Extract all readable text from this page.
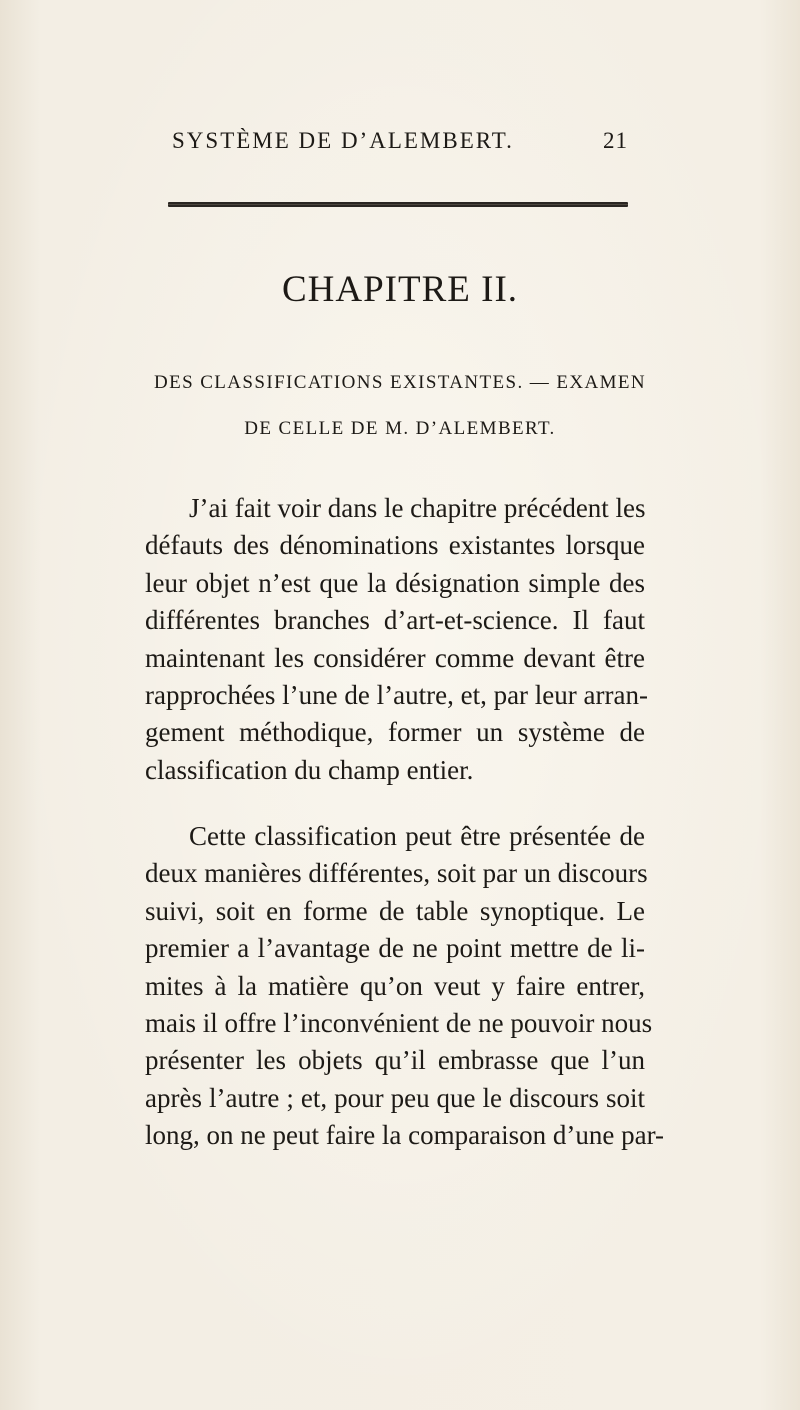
SYSTÈME DE D’ALEMBERT.	21
CHAPITRE II.
DES CLASSIFICATIONS EXISTANTES. — EXAMEN
DE CELLE DE M. D’ALEMBERT.
J’ai fait voir dans le chapitre précédent les
défauts des dénominations existantes lorsque
leur objet n’est que la désignation simple des
différentes branches d’art-et-science. Il faut
maintenant les considérer comme devant être
rapprochées l’une de l’autre, et, par leur arran-
gement méthodique, former un système de
classification du champ entier.
Cette classification peut être présentée de
deux manières différentes, soit par un discours
suivi, soit en forme de table synoptique. Le
premier a l’avantage de ne point mettre de li-
mites à la matière qu’on veut y faire entrer,
mais il offre l’inconvénient de ne pouvoir nous
présenter les objets qu’il embrasse que l’un
après l’autre ; et, pour peu que le discours soit
long, on ne peut faire la comparaison d’une par-
